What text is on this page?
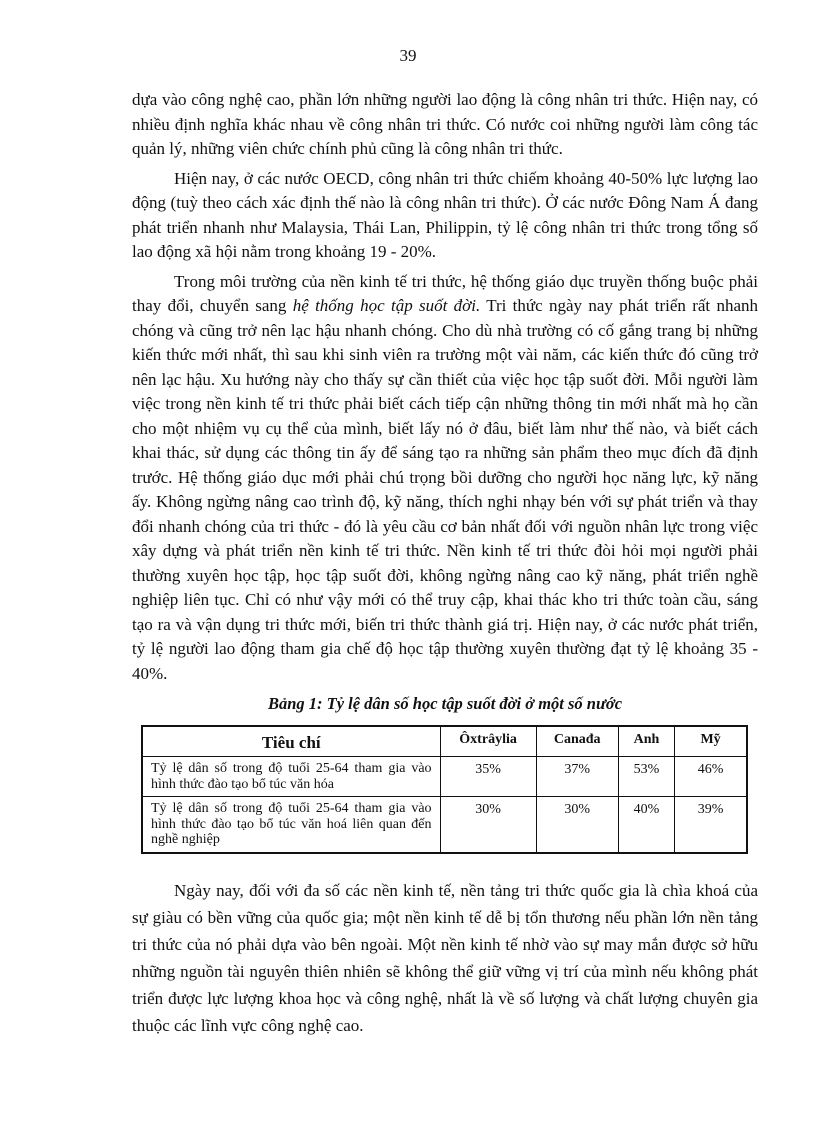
39

dựa vào công nghệ cao, phần lớn những người lao động là công nhân tri thức. Hiện nay, có nhiều định nghĩa khác nhau về công nhân tri thức. Có nước coi những người làm công tác quản lý, những viên chức chính phủ cũng là công nhân tri thức.

Hiện nay, ở các nước OECD, công nhân tri thức chiếm khoảng 40-50% lực lượng lao động (tuỳ theo cách xác định thế nào là công nhân tri thức). Ở các nước Đông Nam Á đang phát triển nhanh như Malaysia, Thái Lan, Philippin, tỷ lệ công nhân tri thức trong tổng số lao động xã hội nằm trong khoảng 19 - 20%.

Trong môi trường của nền kinh tế tri thức, hệ thống giáo dục truyền thống buộc phải thay đổi, chuyển sang hệ thống học tập suốt đời. Tri thức ngày nay phát triển rất nhanh chóng và cũng trở nên lạc hậu nhanh chóng. Cho dù nhà trường có cố gắng trang bị những kiến thức mới nhất, thì sau khi sinh viên ra trường một vài năm, các kiến thức đó cũng trở nên lạc hậu. Xu hướng này cho thấy sự cần thiết của việc học tập suốt đời. Mỗi người làm việc trong nền kinh tế tri thức phải biết cách tiếp cận những thông tin mới nhất mà họ cần cho một nhiệm vụ cụ thể của mình, biết lấy nó ở đâu, biết làm như thế nào, và biết cách khai thác, sử dụng các thông tin ấy để sáng tạo ra những sản phẩm theo mục đích đã định trước. Hệ thống giáo dục mới phải chú trọng bồi dưỡng cho người học năng lực, kỹ năng ấy. Không ngừng nâng cao trình độ, kỹ năng, thích nghi nhạy bén với sự phát triển và thay đổi nhanh chóng của tri thức - đó là yêu cầu cơ bản nhất đối với nguồn nhân lực trong việc xây dựng và phát triển nền kinh tế tri thức. Nền kinh tế tri thức đòi hỏi mọi người phải thường xuyên học tập, học tập suốt đời, không ngừng nâng cao kỹ năng, phát triển nghề nghiệp liên tục. Chỉ có như vậy mới có thể truy cập, khai thác kho tri thức toàn cầu, sáng tạo ra và vận dụng tri thức mới, biến tri thức thành giá trị. Hiện nay, ở các nước phát triển, tỷ lệ người lao động tham gia chế độ học tập thường xuyên thường đạt tỷ lệ khoảng 35 - 40%.

Bảng 1: Tỷ lệ dân số học tập suốt đời ở một số nước
Tiêu chí	Ôxtrâylia	Canađa	Anh	Mỹ
Tỷ lệ dân số trong độ tuổi 25-64 tham gia vào hình thức đào tạo bổ túc văn hóa	35%	37%	53%	46%
Tỷ lệ dân số trong độ tuổi 25-64 tham gia vào hình thức đào tạo bổ túc văn hoá liên quan đến nghề nghiệp	30%	30%	40%	39%

Ngày nay, đối với đa số các nền kinh tế, nền tảng tri thức quốc gia là chìa khoá của sự giàu có bền vững của quốc gia; một nền kinh tế dễ bị tổn thương nếu phần lớn nền tảng tri thức của nó phải dựa vào bên ngoài. Một nền kinh tế nhờ vào sự may mắn được sở hữu những nguồn tài nguyên thiên nhiên sẽ không thể giữ vững vị trí của mình nếu không phát triển được lực lượng khoa học và công nghệ, nhất là về số lượng và chất lượng chuyên gia thuộc các lĩnh vực công nghệ cao.
